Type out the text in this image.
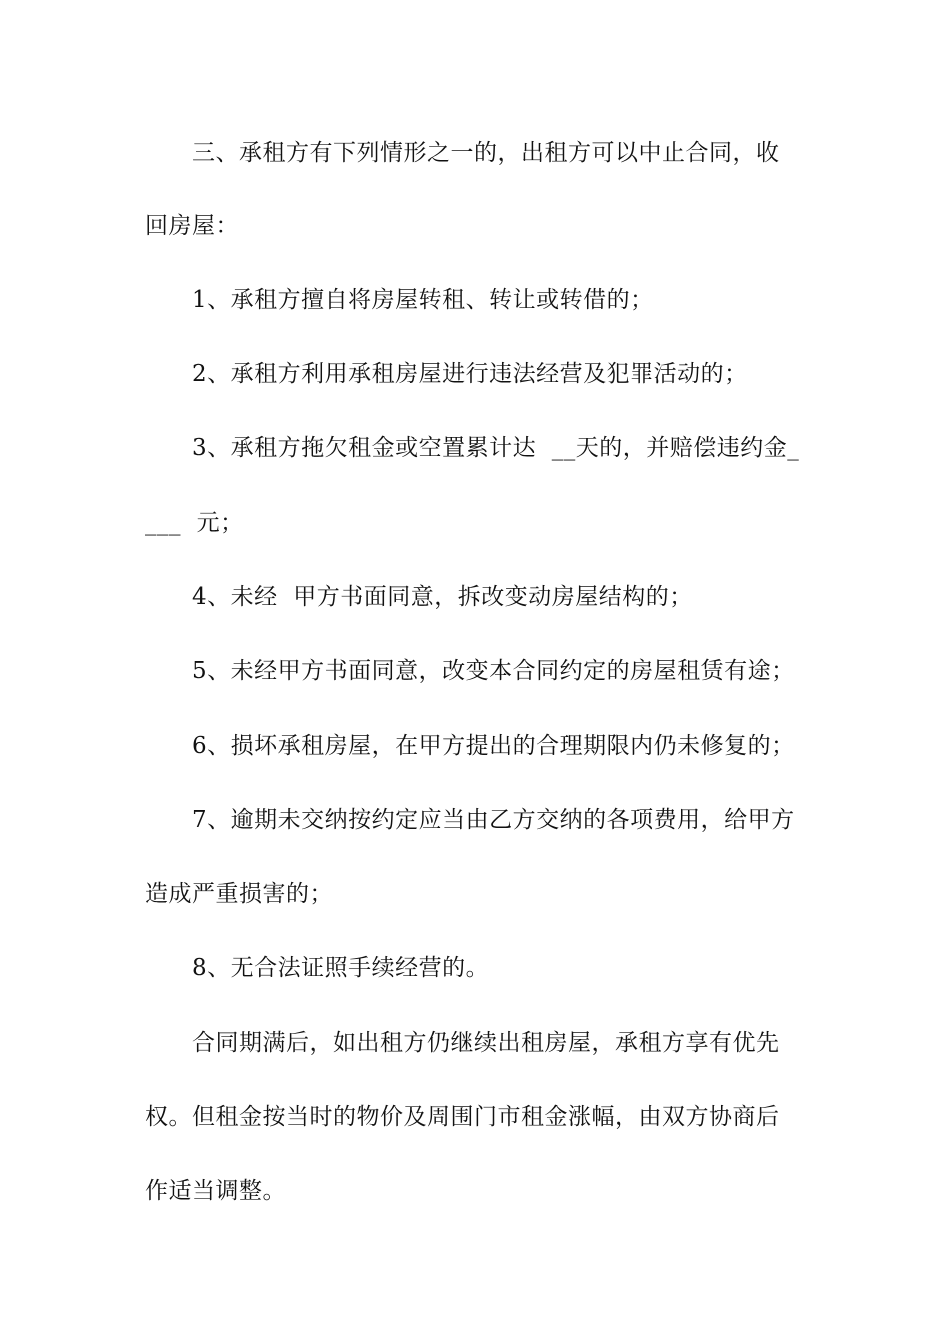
三、承租方有下列情形之一的，出租方可以中止合同，收
回房屋：
1、承租方擅自将房屋转租、转让或转借的；
2、承租方利用承租房屋进行违法经营及犯罪活动的；
3、承租方拖欠租金或空置累计达  __天的，并赔偿违约金_
___  元；
4、未经  甲方书面同意，拆改变动房屋结构的；
5、未经甲方书面同意，改变本合同约定的房屋租赁有途；
6、损坏承租房屋，在甲方提出的合理期限内仍未修复的；
7、逾期未交纳按约定应当由乙方交纳的各项费用，给甲方
造成严重损害的；
8、无合法证照手续经营的。
合同期满后，如出租方仍继续出租房屋，承租方享有优先
权。但租金按当时的物价及周围门市租金涨幅，由双方协商后
作适当调整。
